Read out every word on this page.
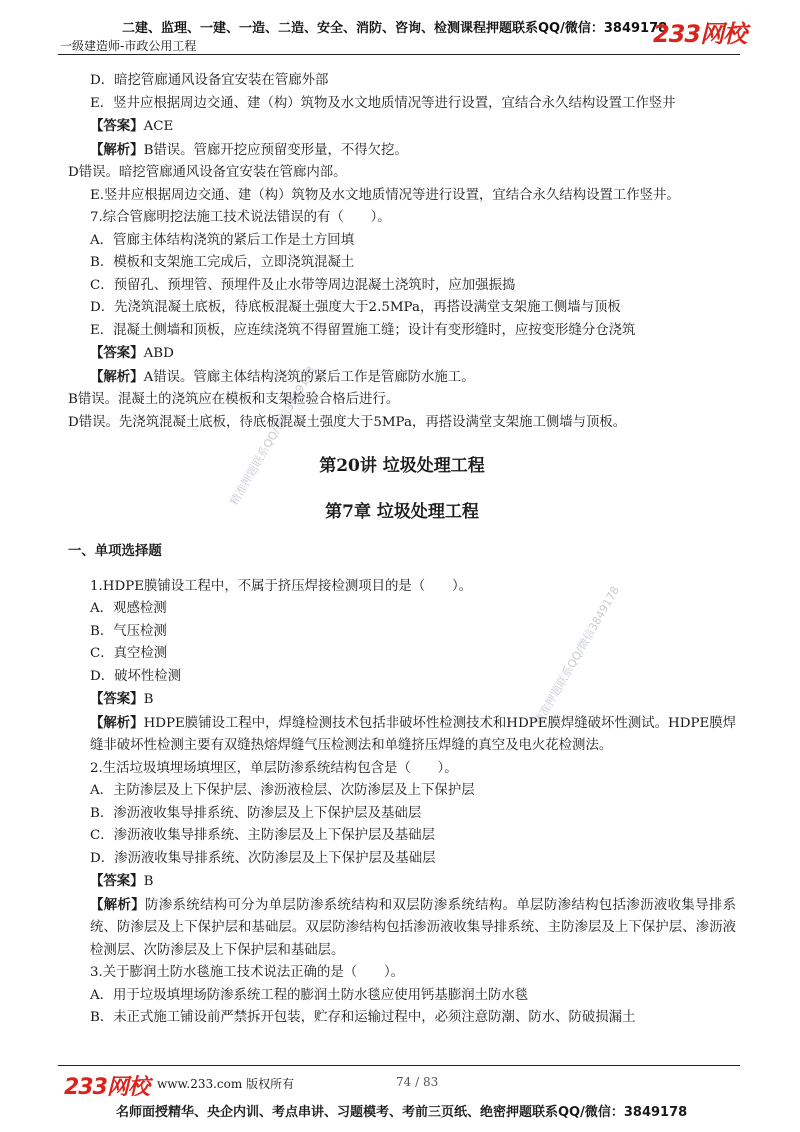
二建、监理、一建、一造、二造、安全、消防、咨询、检测课程押题联系QQ/微信：3849178
一级建造师-市政公用工程	233网校
精准押题联系QQ/微信3849178
精准押题联系QQ/微信3849178

D．暗挖管廊通风设备宜安装在管廊外部

E．竖井应根据周边交通、建（构）筑物及水文地质情况等进行设置，宜结合永久结构设置工作竖井

【答案】ACE

【解析】B错误。管廊开挖应预留变形量，不得欠挖。

D错误。暗挖管廊通风设备宜安装在管廊内部。

E.竖井应根据周边交通、建（构）筑物及水文地质情况等进行设置，宜结合永久结构设置工作竖井。

7.综合管廊明挖法施工技术说法错误的有（　　）。

A．管廊主体结构浇筑的紧后工作是土方回填

B．模板和支架施工完成后，立即浇筑混凝土

C．预留孔、预埋管、预埋件及止水带等周边混凝土浇筑时，应加强振捣

D．先浇筑混凝土底板，待底板混凝土强度大于2.5MPa，再搭设满堂支架施工侧墙与顶板

E．混凝土侧墙和顶板，应连续浇筑不得留置施工缝；设计有变形缝时，应按变形缝分仓浇筑

【答案】ABD

【解析】A错误。管廊主体结构浇筑的紧后工作是管廊防水施工。

B错误。混凝土的浇筑应在模板和支架检验合格后进行。

D错误。先浇筑混凝土底板，待底板混凝土强度大于5MPa，再搭设满堂支架施工侧墙与顶板。

第20讲 垃圾处理工程
第7章 垃圾处理工程

一、单项选择题

1.HDPE膜铺设工程中，不属于挤压焊接检测项目的是（　　）。

A．观感检测

B．气压检测

C．真空检测

D．破坏性检测

【答案】B

【解析】HDPE膜铺设工程中，焊缝检测技术包括非破坏性检测技术和HDPE膜焊缝破坏性测试。HDPE膜焊缝非破坏性检测主要有双缝热熔焊缝气压检测法和单缝挤压焊缝的真空及电火花检测法。

2.生活垃圾填埋场填埋区，单层防渗系统结构包含是（　　）。

A．主防渗层及上下保护层、渗沥液检层、次防渗层及上下保护层

B．渗沥液收集导排系统、防渗层及上下保护层及基础层

C．渗沥液收集导排系统、主防渗层及上下保护层及基础层

D．渗沥液收集导排系统、次防渗层及上下保护层及基础层

【答案】B

【解析】防渗系统结构可分为单层防渗系统结构和双层防渗系统结构。单层防渗结构包括渗沥液收集导排系统、防渗层及上下保护层和基础层。双层防渗结构包括渗沥液收集导排系统、主防渗层及上下保护层、渗沥液检测层、次防渗层及上下保护层和基础层。

3.关于膨润土防水毯施工技术说法正确的是（　　）。

A．用于垃圾填埋场防渗系统工程的膨润土防水毯应使用钙基膨润土防水毯

B．未正式施工铺设前严禁拆开包装，贮存和运输过程中，必须注意防潮、防水、防破损漏土

233网校 www.233.com 版权所有	74 / 83
名师面授精华、央企内训、考点串讲、习题模考、考前三页纸、绝密押题联系QQ/微信：3849178
